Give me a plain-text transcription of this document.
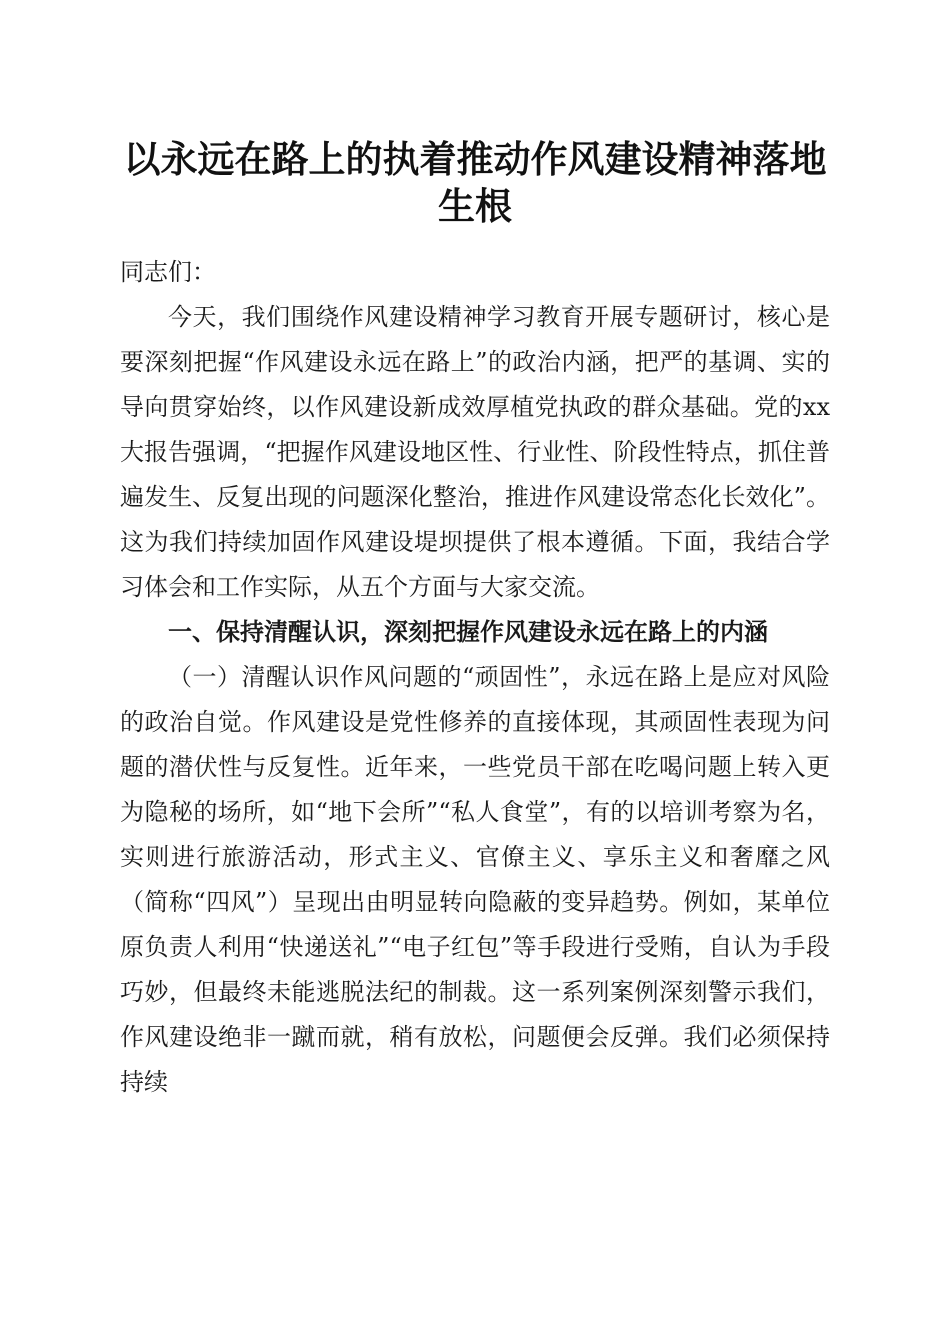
以永远在路上的执着推动作风建设精神落地生根

同志们：

今天，我们围绕作风建设精神学习教育开展专题研讨，核心是要深刻把握“作风建设永远在路上”的政治内涵，把严的基调、实的导向贯穿始终，以作风建设新成效厚植党执政的群众基础。党的xx大报告强调，“把握作风建设地区性、行业性、阶段性特点，抓住普遍发生、反复出现的问题深化整治，推进作风建设常态化长效化”。这为我们持续加固作风建设堤坝提供了根本遵循。下面，我结合学习体会和工作实际，从五个方面与大家交流。

一、保持清醒认识，深刻把握作风建设永远在路上的内涵

（一）清醒认识作风问题的“顽固性”，永远在路上是应对风险的政治自觉。作风建设是党性修养的直接体现，其顽固性表现为问题的潜伏性与反复性。近年来，一些党员干部在吃喝问题上转入更为隐秘的场所，如“地下会所”“私人食堂”，有的以培训考察为名，实则进行旅游活动，形式主义、官僚主义、享乐主义和奢靡之风（简称“四风”）呈现出由明显转向隐蔽的变异趋势。例如，某单位原负责人利用“快递送礼”“电子红包”等手段进行受贿，自认为手段巧妙，但最终未能逃脱法纪的制裁。这一系列案例深刻警示我们，作风建设绝非一蹴而就，稍有放松，问题便会反弹。我们必须保持持续
